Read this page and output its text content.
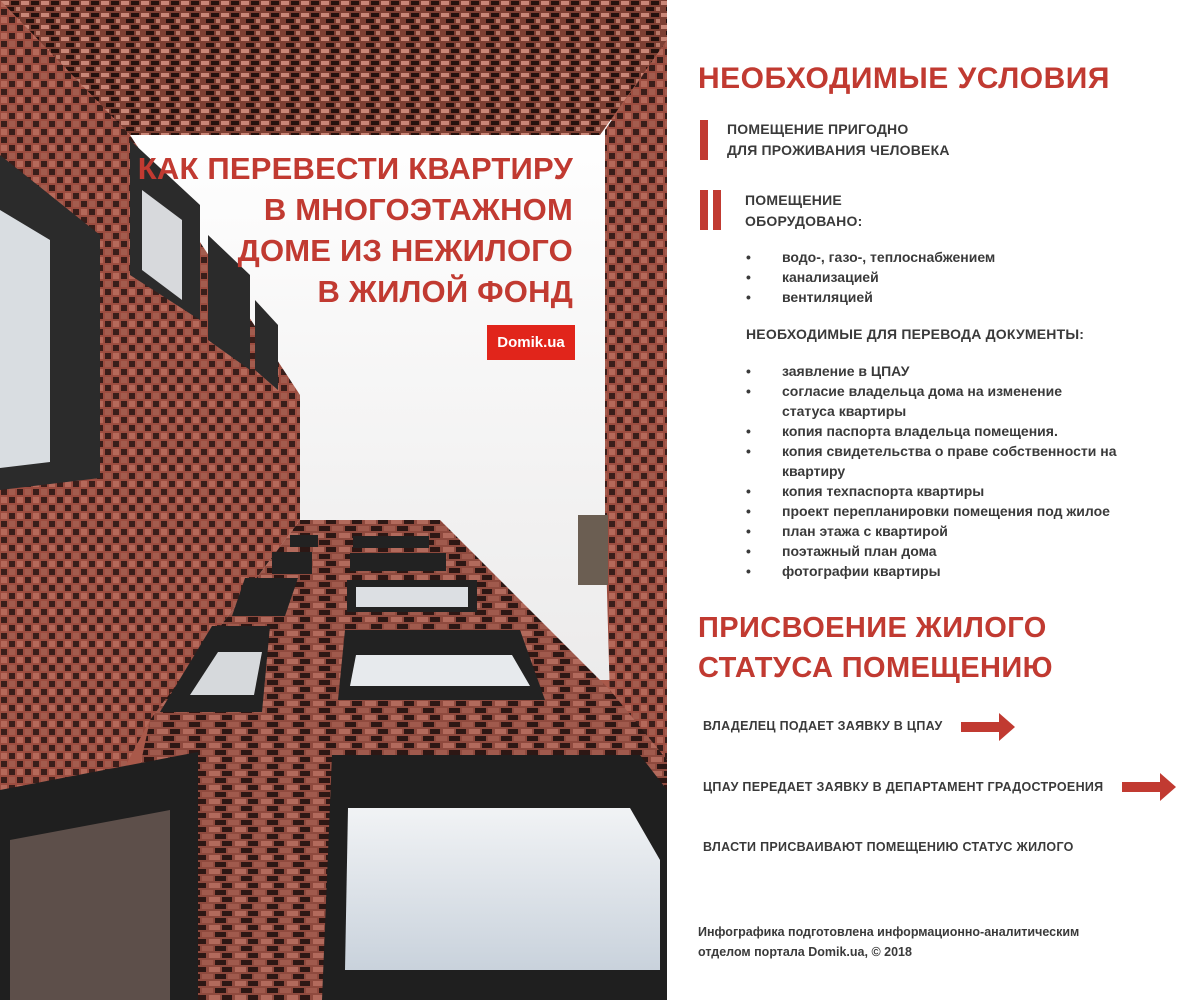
КАК ПЕРЕВЕСТИ КВАРТИРУ
В МНОГОЭТАЖНОМ
ДОМЕ ИЗ НЕЖИЛОГО
В ЖИЛОЙ ФОНД
Domik.ua
НЕОБХОДИМЫЕ УСЛОВИЯ
ПОМЕЩЕНИЕ ПРИГОДНО
ДЛЯ ПРОЖИВАНИЯ ЧЕЛОВЕКА
ПОМЕЩЕНИЕ
ОБОРУДОВАНО:
• водо-, газо-, теплоснабжением
• канализацией
• вентиляцией
НЕОБХОДИМЫЕ ДЛЯ ПЕРЕВОДА ДОКУМЕНТЫ:
• заявление в ЦПАУ
• согласие владельца дома на изменение статуса квартиры
• копия паспорта владельца помещения.
• копия свидетельства о праве собственности на квартиру
• копия техпаспорта квартиры
• проект перепланировки помещения под жилое
• план этажа с квартирой
• поэтажный план дома
• фотографии квартиры
ПРИСВОЕНИЕ ЖИЛОГО
СТАТУСА ПОМЕЩЕНИЮ
ВЛАДЕЛЕЦ ПОДАЕТ ЗАЯВКУ В ЦПАУ
ЦПАУ ПЕРЕДАЕТ ЗАЯВКУ В ДЕПАРТАМЕНТ ГРАДОСТРОЕНИЯ
ВЛАСТИ ПРИСВАИВАЮТ ПОМЕЩЕНИЮ СТАТУС ЖИЛОГО
Инфографика подготовлена информационно-аналитическим
отделом портала Domik.ua, © 2018
